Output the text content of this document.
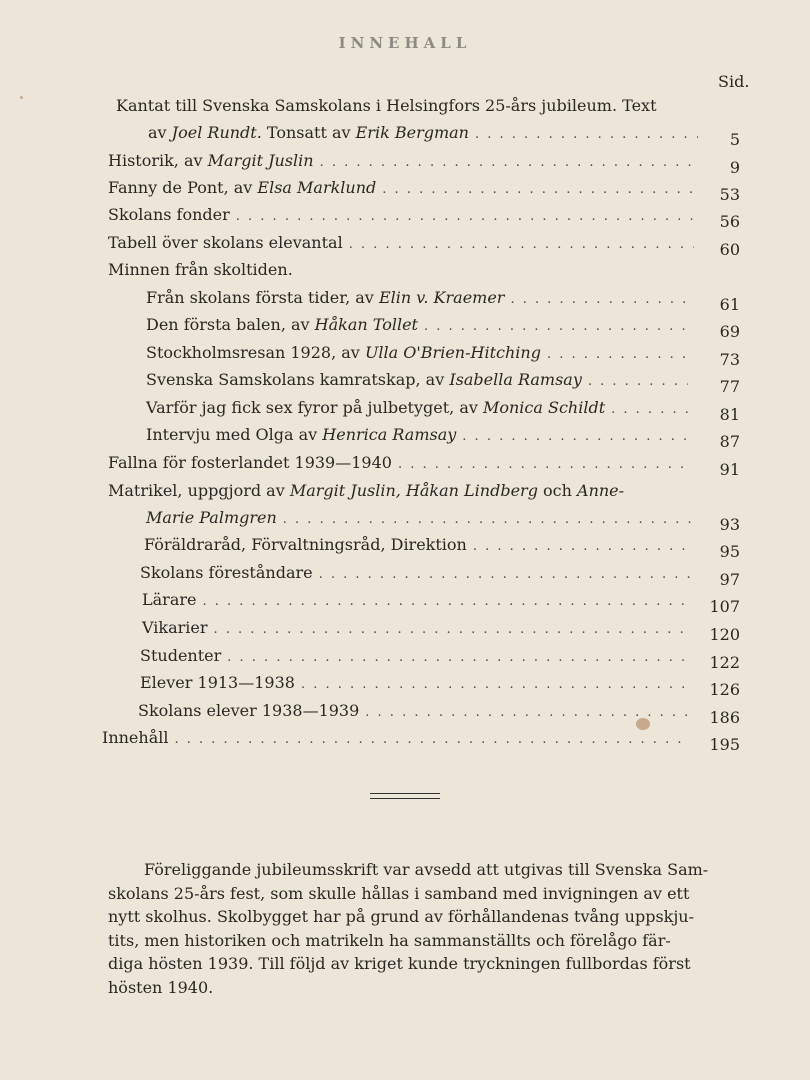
INNEHALL
Sid.
Kantat till Svenska Samskolans i Helsingfors 25-års jubileum. Text
av Joel Rundt. Tonsatt av Erik Bergman . . .	5
Historik, av Margit Juslin . . .	9
Fanny de Pont, av Elsa Marklund . . .	53
Skolans fonder . . .	56
Tabell över skolans elevantal . . .	60
Minnen från skoltiden.
Från skolans första tider, av Elin v. Kraemer . . .	61
Den första balen, av Håkan Tollet . . .	69
Stockholmsresan 1928, av Ulla O'Brien-Hitching . . .	73
Svenska Samskolans kamratskap, av Isabella Ramsay . . .	77
Varför jag fick sex fyror på julbetyget, av Monica Schildt . . .	81
Intervju med Olga av Henrica Ramsay . . .	87
Fallna för fosterlandet 1939—1940 . . .	91
Matrikel, uppgjord av Margit Juslin, Håkan Lindberg och Anne-
Marie Palmgren . . .	93
Föräldraråd, Förvaltningsråd, Direktion . . .	95
Skolans föreståndare . . .	97
Lärare . . .	107
Vikarier . . .	120
Studenter . . .	122
Elever 1913—1938 . . .	126
Skolans elever 1938—1939 . . .	186
Innehåll . . .	195
Föreliggande jubileumsskrift var avsedd att utgivas till Svenska Sam-
skolans 25-års fest, som skulle hållas i samband med invigningen av ett
nytt skolhus. Skolbygget har på grund av förhållandenas tvång uppskju-
tits, men historiken och matrikeln ha sammanställts och förelågo fär-
diga hösten 1939. Till följd av kriget kunde tryckningen fullbordas först
hösten 1940.
